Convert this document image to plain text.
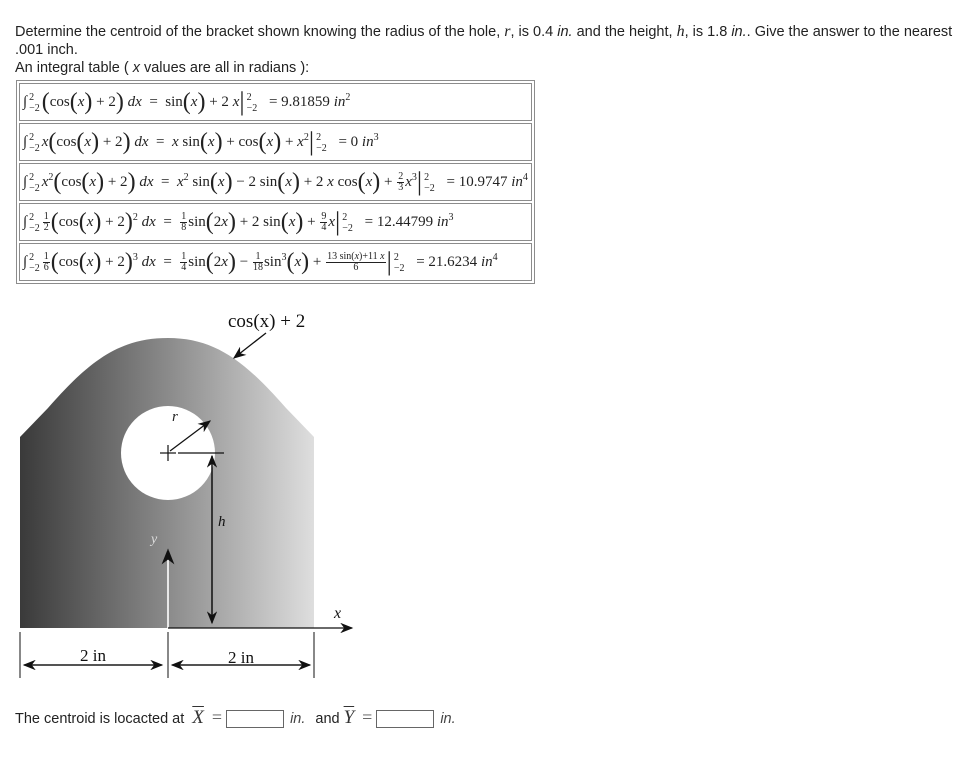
Determine the centroid of the bracket shown knowing the radius of the hole, r, is 0.4 in. and the height, h, is 1.8 in.. Give the answer to the nearest .001 inch.
An integral table ( x values are all in radians ):
∫ 2
−2(cos(x) + 2) dx  =  sin(x) + 2 x| 2
−2 = 9.81859 $in^2$
∫ 2
−2 x(cos(x) + 2) dx  =  x $\sin(x) + \cos(x) + x^2|$ 2
−2 = 0 $in^3$
∫ 2
−2 $x^2(\cos(x) + 2)$ dx  =  $x^2$ sin(x) − 2 sin(x) + 2 x $\cos(x) + \frac{2}{3} x^3|$ 2
−2 = 10.9747 $in^4$
∫ 2
$-2 \frac{1}{2} (\cos(x) + 2)^2$ dx  = $\frac{1}{8} \sin(2x) + 2$ $\sin(x) + \frac{9}{4} x|$ 2
−2 = 12.44799 $in^3$
∫ 2
$-2 \frac{1}{6} (\cos(x) + 2)^3$ dx  = $\frac{1}{4} \sin(2x) - \frac{1}{18} \sin^3(x) + \frac{13 \sin(x)+11 x}{6}$ | 2
−2 = 21.6234 $in^4$
r
cos(x) + 2
h
y
x
2 in	2 in
The centroid is locacted at $\overline{X}$ =	in. and $\overline{Y}$ =	in.
